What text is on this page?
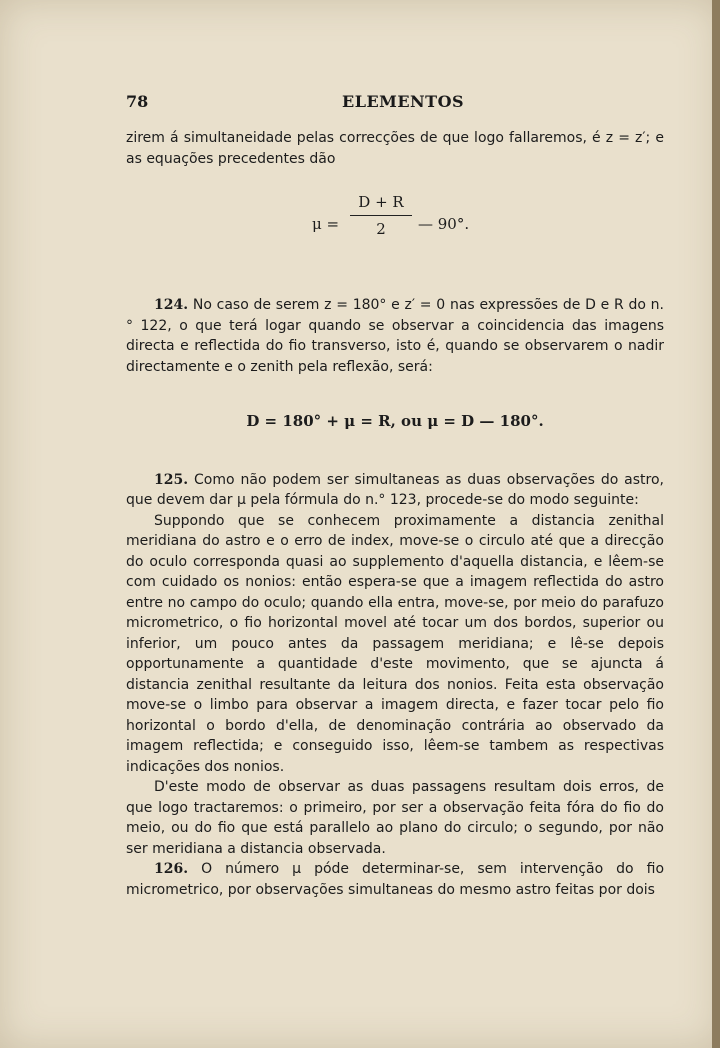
78	ELEMENTOS

zirem á simultaneidade pelas correcções de que logo fallaremos, é z = z′; e as equações precedentes dão

$\mu = \frac{D + R}{2}$ — 90°.

124. No caso de serem z = 180° e z′ = 0 nas expressões de D e R do n.° 122, o que terá logar quando se observar a coincidencia das imagens directa e reflectida do fio transverso, isto é, quando se observarem o nadir directamente e o zenith pela reflexão, será:

D = 180° + μ = R, ou μ = D — 180°.

125. Como não podem ser simultaneas as duas observações do astro, que devem dar μ pela fórmula do n.° 123, procede-se do modo seguinte:

Suppondo que se conhecem proximamente a distancia zenithal meridiana do astro e o erro de index, move-se o circulo até que a direcção do oculo corresponda quasi ao supplemento d'aquella distancia, e lêem-se com cuidado os nonios: então espera-se que a imagem reflectida do astro entre no campo do oculo; quando ella entra, move-se, por meio do parafuzo micrometrico, o fio horizontal movel até tocar um dos bordos, superior ou inferior, um pouco antes da passagem meridiana; e lê-se depois opportunamente a quantidade d'este movimento, que se ajuncta á distancia zenithal resultante da leitura dos nonios. Feita esta observação move-se o limbo para observar a imagem directa, e fazer tocar pelo fio horizontal o bordo d'ella, de denominação contrária ao observado da imagem reflectida; e conseguido isso, lêem-se tambem as respectivas indicações dos nonios.

D'este modo de observar as duas passagens resultam dois erros, de que logo tractaremos: o primeiro, por ser a observação feita fóra do fio do meio, ou do fio que está parallelo ao plano do circulo; o segundo, por não ser meridiana a distancia observada.

126. O número μ póde determinar-se, sem intervenção do fio micrometrico, por observações simultaneas do mesmo astro feitas por dois
